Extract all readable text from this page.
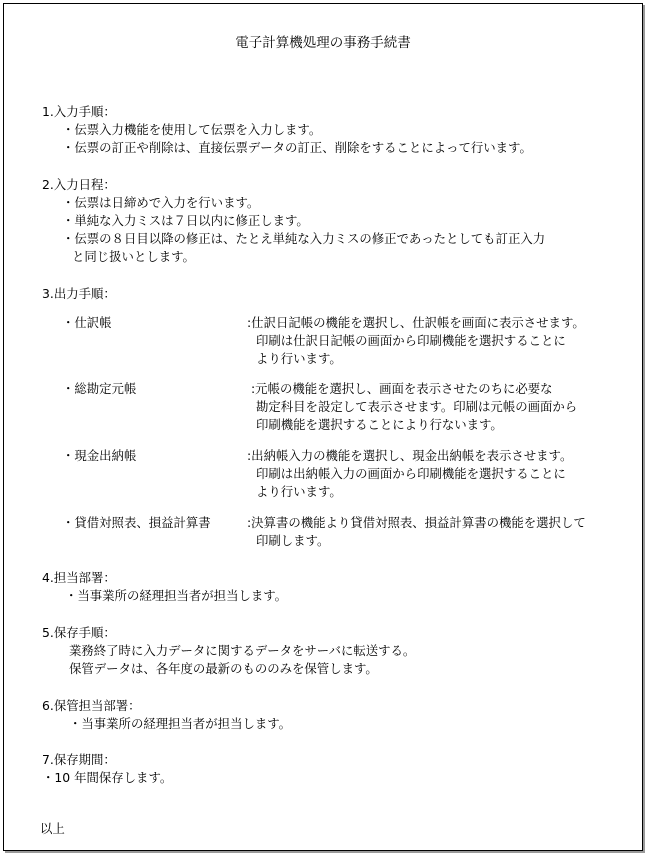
電子計算機処理の事務手続書
1.入力手順：
・伝票入力機能を使用して伝票を入力します。
・伝票の訂正や削除は、直接伝票データの訂正、削除をすることによって行います。
2.入力日程：
・伝票は日締めで入力を行います。
・単純な入力ミスは７日以内に修正します。
・伝票の８日目以降の修正は、たとえ単純な入力ミスの修正であったとしても訂正入力
と同じ扱いとします。
3.出力手順：
・仕訳帳	:仕訳日記帳の機能を選択し、仕訳帳を画面に表示させます。
印刷は仕訳日記帳の画面から印刷機能を選択することに
より行います。
・総勘定元帳	:元帳の機能を選択し、画面を表示させたのちに必要な
勘定科目を設定して表示させます。印刷は元帳の画面から
印刷機能を選択することにより行ないます。
・現金出納帳	:出納帳入力の機能を選択し、現金出納帳を表示させます。
印刷は出納帳入力の画面から印刷機能を選択することに
より行います。
・貸借対照表、損益計算書	:決算書の機能より貸借対照表、損益計算書の機能を選択して
印刷します。
4.担当部署：
・当事業所の経理担当者が担当します。
5.保存手順：
業務終了時に入力データに関するデータをサーバに転送する。
保管データは、各年度の最新のもののみを保管します。
6.保管担当部署：
・当事業所の経理担当者が担当します。
7.保存期間：
・10 年間保存します。
以上
